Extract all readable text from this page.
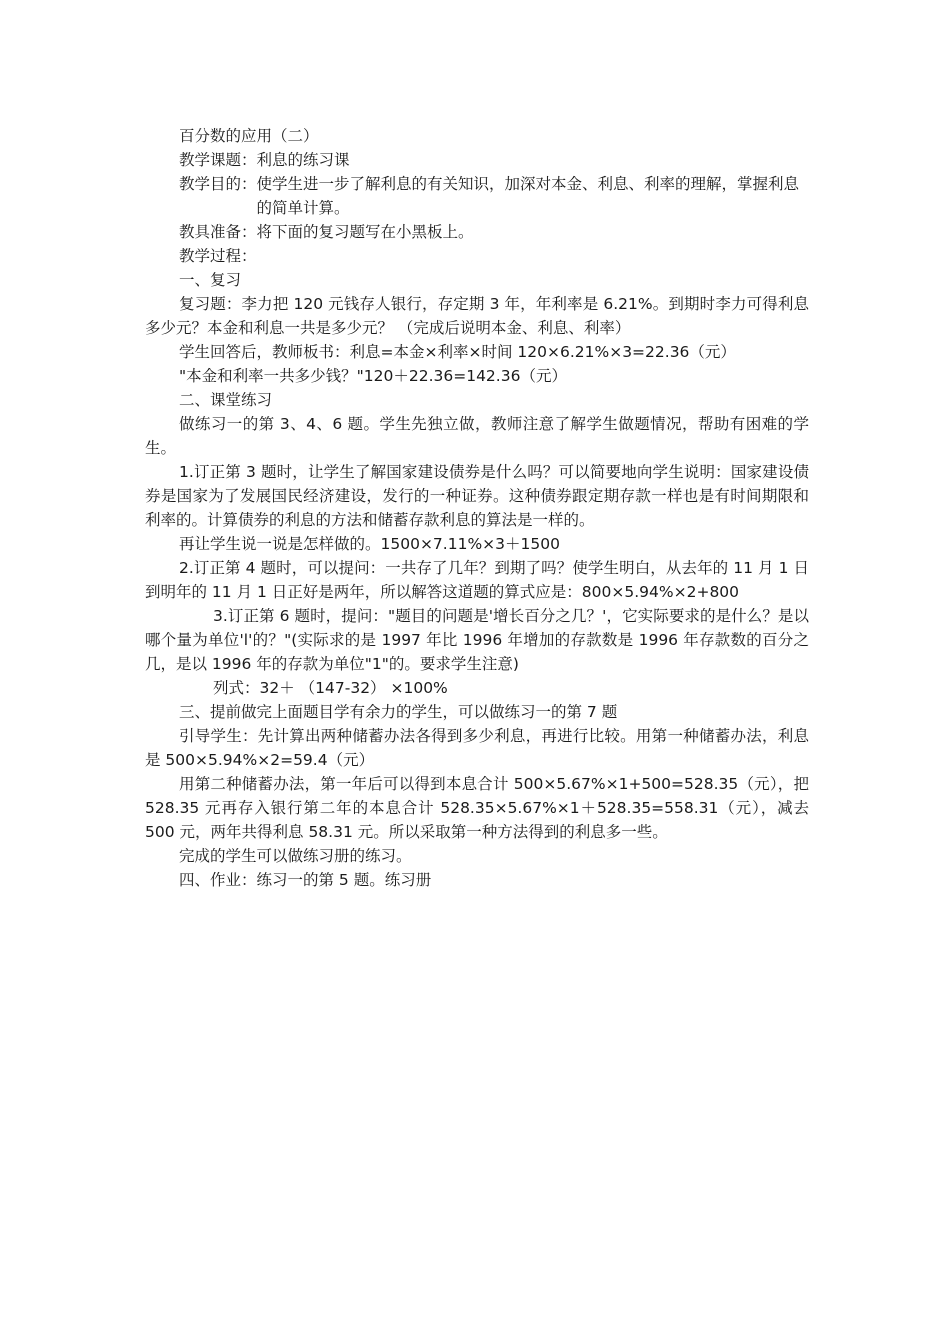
百分数的应用（二）

教学课题： 利息的练习课
教学目的： 使学生进一步了解利息的有关知识，加深对本金、利息、利率的理解，掌握利息的简单计算。
教具准备： 将下面的复习题写在小黑板上。

教学过程：

一、复习

复习题：李力把 120 元钱存人银行，存定期 3 年，年利率是 6.21%。到期时李力可得利息多少元？本金和利息一共是多少元？ （完成后说明本金、利息、利率）

学生回答后，教师板书：利息=本金×利率×时间 120×6.21%×3=22.36（元）

"本金和利率一共多少钱？"120＋22.36=142.36（元）

二、课堂练习

做练习一的第 3、4、6 题。学生先独立做，教师注意了解学生做题情况，帮助有困难的学生。

1.订正第 3 题时，让学生了解国家建设债券是什么吗？可以简要地向学生说明：国家建设债券是国家为了发展国民经济建设，发行的一种证券。这种债券跟定期存款一样也是有时间期限和利率的。计算债券的利息的方法和储蓄存款利息的算法是一样的。

再让学生说一说是怎样做的。1500×7.11%×3＋1500

2.订正第 4 题时，可以提问：一共存了几年？到期了吗？使学生明白，从去年的 11 月 1 日到明年的 11 月 1 日正好是两年，所以解答这道题的算式应是：800×5.94%×2+800

3.订正第 6 题时，提问："题目的问题是'增长百分之几？'，它实际要求的是什么？是以哪个量为单位'l'的？"(实际求的是 1997 年比 1996 年增加的存款数是 1996 年存款数的百分之几，是以 1996 年的存款为单位"1"的。要求学生注意)

列式：32＋ （147-32） ×100%

三、提前做完上面题目学有余力的学生，可以做练习一的第 7 题

引导学生：先计算出两种储蓄办法各得到多少利息，再进行比较。用第一种储蓄办法，利息是 500×5.94%×2=59.4（元）

用第二种储蓄办法，第一年后可以得到本息合计 500×5.67%×1+500=528.35（元），把 528.35 元再存入银行第二年的本息合计 528.35×5.67%×1＋528.35=558.31（元），减去 500 元，两年共得利息 58.31 元。所以采取第一种方法得到的利息多一些。

完成的学生可以做练习册的练习。

四、作业：练习一的第 5 题。练习册
